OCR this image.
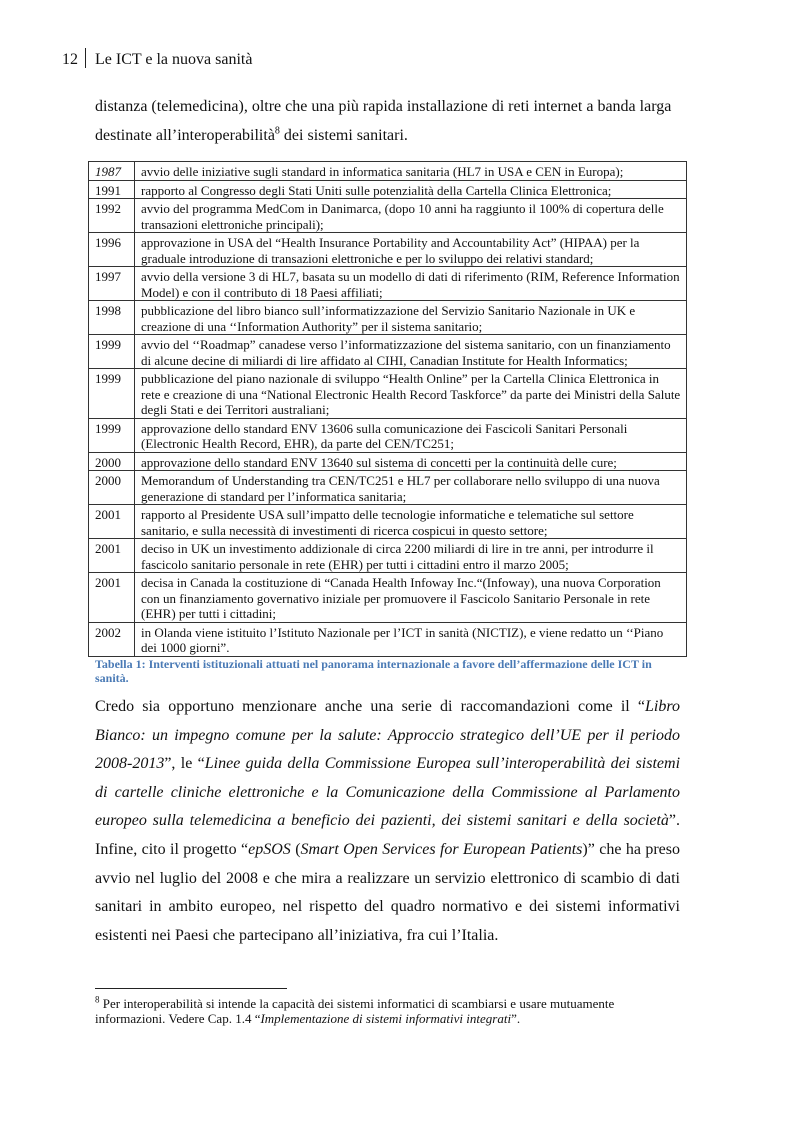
12 Le ICT e la nuova sanità
distanza (telemedicina), oltre che una più rapida installazione di reti internet a banda larga
destinate all’interoperabilità$^8$ dei sistemi sanitari.
1987	avvio delle iniziative sugli standard in informatica sanitaria (HL7 in USA e CEN in Europa);
1991	rapporto al Congresso degli Stati Uniti sulle potenzialità della Cartella Clinica Elettronica;
1992	avvio del programma MedCom in Danimarca, (dopo 10 anni ha raggiunto il 100% di copertura delle transazioni elettroniche principali);
1996	approvazione in USA del “Health Insurance Portability and Accountability Act” (HIPAA) per la graduale introduzione di transazioni elettroniche e per lo sviluppo dei relativi standard;
1997	avvio della versione 3 di HL7, basata su un modello di dati di riferimento (RIM, Reference Information Model) e con il contributo di 18 Paesi affiliati;
1998	pubblicazione del libro bianco sull’informatizzazione del Servizio Sanitario Nazionale in UK e creazione di una ‘‘Information Authority” per il sistema sanitario;
1999	avvio del ‘‘Roadmap” canadese verso l’informatizzazione del sistema sanitario, con un finanziamento di alcune decine di miliardi di lire affidato al CIHI, Canadian Institute for Health Informatics;
1999	pubblicazione del piano nazionale di sviluppo “Health Online” per la Cartella Clinica Elettronica in rete e creazione di una “National Electronic Health Record Taskforce” da parte dei Ministri della Salute degli Stati e dei Territori australiani;
1999	approvazione dello standard ENV 13606 sulla comunicazione dei Fascicoli Sanitari Personali (Electronic Health Record, EHR), da parte del CEN/TC251;
2000	approvazione dello standard ENV 13640 sul sistema di concetti per la continuità delle cure;
2000	Memorandum of Understanding tra CEN/TC251 e HL7 per collaborare nello sviluppo di una nuova generazione di standard per l’informatica sanitaria;
2001	rapporto al Presidente USA sull’impatto delle tecnologie informatiche e telematiche sul settore sanitario, e sulla necessità di investimenti di ricerca cospicui in questo settore;
2001	deciso in UK un investimento addizionale di circa 2200 miliardi di lire in tre anni, per introdurre il fascicolo sanitario personale in rete (EHR) per tutti i cittadini entro il marzo 2005;
2001	decisa in Canada la costituzione di “Canada Health Infoway Inc.“(Infoway), una nuova Corporation con un finanziamento governativo iniziale per promuovere il Fascicolo Sanitario Personale in rete (EHR) per tutti i cittadini;
2002	in Olanda viene istituito l’Istituto Nazionale per l’ICT in sanità (NICTIZ), e viene redatto un ‘‘Piano dei 1000 giorni”.
Tabella 1: Interventi istituzionali attuati nel panorama internazionale a favore dell’affermazione delle ICT in sanità.
Credo sia opportuno menzionare anche una serie di raccomandazioni come il “Libro Bianco: un impegno comune per la salute: Approccio strategico dell’UE per il periodo 2008-2013”, le “Linee guida della Commissione Europea sull’interoperabilità dei sistemi di cartelle cliniche elettroniche e la Comunicazione della Commissione al Parlamento europeo sulla telemedicina a beneficio dei pazienti, dei sistemi sanitari e della società”. Infine, cito il progetto “epSOS (Smart Open Services for European Patients)” che ha preso avvio nel luglio del 2008 e che mira a realizzare un servizio elettronico di scambio di dati sanitari in ambito europeo, nel rispetto del quadro normativo e dei sistemi informativi esistenti nei Paesi che partecipano all’iniziativa, fra cui l’Italia.
$^8$ Per interoperabilità si intende la capacità dei sistemi informatici di scambiarsi e usare mutuamente informazioni. Vedere Cap. 1.4 “Implementazione di sistemi informativi integrati”.
